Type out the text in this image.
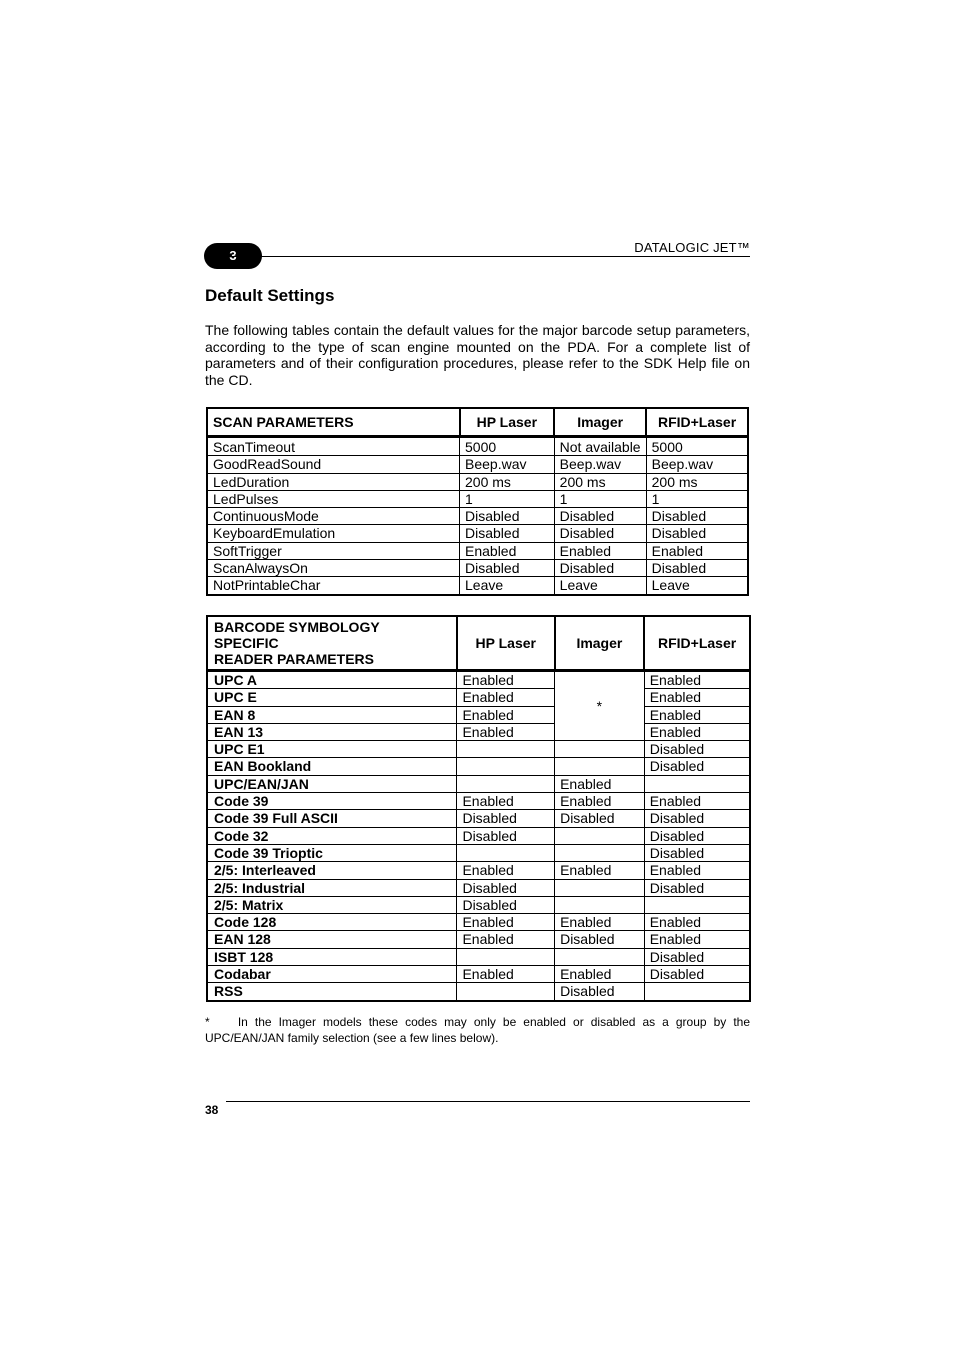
DATALOGIC JET™
Default Settings

The following tables contain the default values for the major barcode setup parameters, according to the type of scan engine mounted on the PDA. For a complete list of parameters and of their configuration procedures, please refer to the SDK Help file on the CD.

SCAN PARAMETERS	HP Laser	Imager	RFID+Laser
ScanTimeout	5000	Not available	5000
GoodReadSound	Beep.wav	Beep.wav	Beep.wav
LedDuration	200 ms	200 ms	200 ms
LedPulses	1	1	1
ContinuousMode	Disabled	Disabled	Disabled
KeyboardEmulation	Disabled	Disabled	Disabled
SoftTrigger	Enabled	Enabled	Enabled
ScanAlwaysOn	Disabled	Disabled	Disabled
NotPrintableChar	Leave	Leave	Leave
BARCODE SYMBOLOGY
SPECIFIC
READER PARAMETERS	HP Laser	Imager	RFID+Laser
UPC A	Enabled	*	Enabled
UPC E	Enabled		Enabled
EAN 8	Enabled		Enabled
EAN 13	Enabled		Enabled
UPC E1			Disabled
EAN Bookland			Disabled
UPC/EAN/JAN		Enabled	
Code 39	Enabled	Enabled	Enabled
Code 39 Full ASCII	Disabled	Disabled	Disabled
Code 32	Disabled		Disabled
Code 39 Trioptic			Disabled
2/5: Interleaved	Enabled	Enabled	Enabled
2/5: Industrial	Disabled		Disabled
2/5: Matrix	Disabled		
Code 128	Enabled	Enabled	Enabled
EAN 128	Enabled	Disabled	Enabled
ISBT 128			Disabled
Codabar	Enabled	Enabled	Disabled
RSS		Disabled	

* In the Imager models these codes may only be enabled or disabled as a group by the UPC/EAN/JAN family selection (see a few lines below).

38
